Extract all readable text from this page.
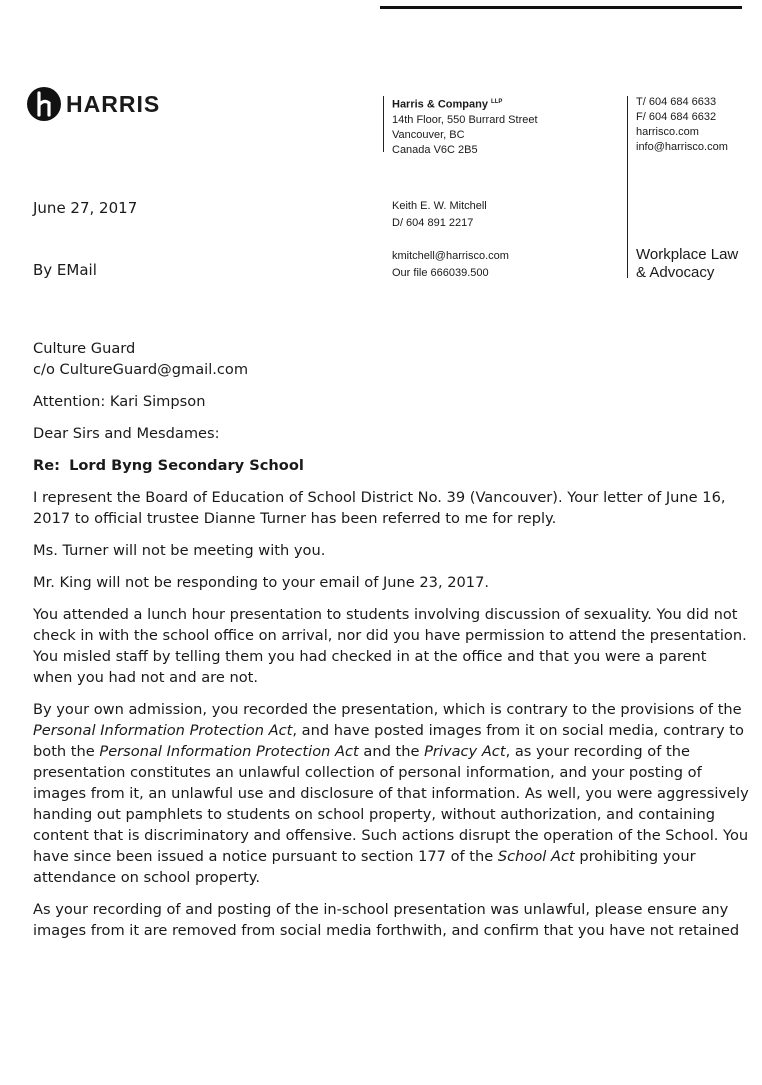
HARRIS	Harris & Company $^{LLP}$
14th Floor, 550 Burrard Street
Vancouver, BC
Canada V6C 2B5
T/ 604 684 6633
F/ 604 684 6632
harrisco.com
info@harrisco.com
Keith E. W. Mitchell
D/ 604 891 2217
kmitchell@harrisco.com
Our file 666039.500
Workplace Law
& Advocacy
June 27, 2017
By EMail

Culture Guard
c/o CultureGuard@gmail.com

Attention: Kari Simpson

Dear Sirs and Mesdames:

Re: Lord Byng Secondary School

I represent the Board of Education of School District No. 39 (Vancouver). Your letter of June 16, 2017 to official trustee Dianne Turner has been referred to me for reply.

Ms. Turner will not be meeting with you.

Mr. King will not be responding to your email of June 23, 2017.

You attended a lunch hour presentation to students involving discussion of sexuality. You did not check in with the school office on arrival, nor did you have permission to attend the presentation. You misled staff by telling them you had checked in at the office and that you were a parent when you had not and are not.

By your own admission, you recorded the presentation, which is contrary to the provisions of the Personal Information Protection Act, and have posted images from it on social media, contrary to both the Personal Information Protection Act and the Privacy Act, as your recording of the presentation constitutes an unlawful collection of personal information, and your posting of images from it, an unlawful use and disclosure of that information. As well, you were aggressively handing out pamphlets to students on school property, without authorization, and containing content that is discriminatory and offensive. Such actions disrupt the operation of the School. You have since been issued a notice pursuant to section 177 of the School Act prohibiting your attendance on school property.

As your recording of and posting of the in-school presentation was unlawful, please ensure any images from it are removed from social media forthwith, and confirm that you have not retained
